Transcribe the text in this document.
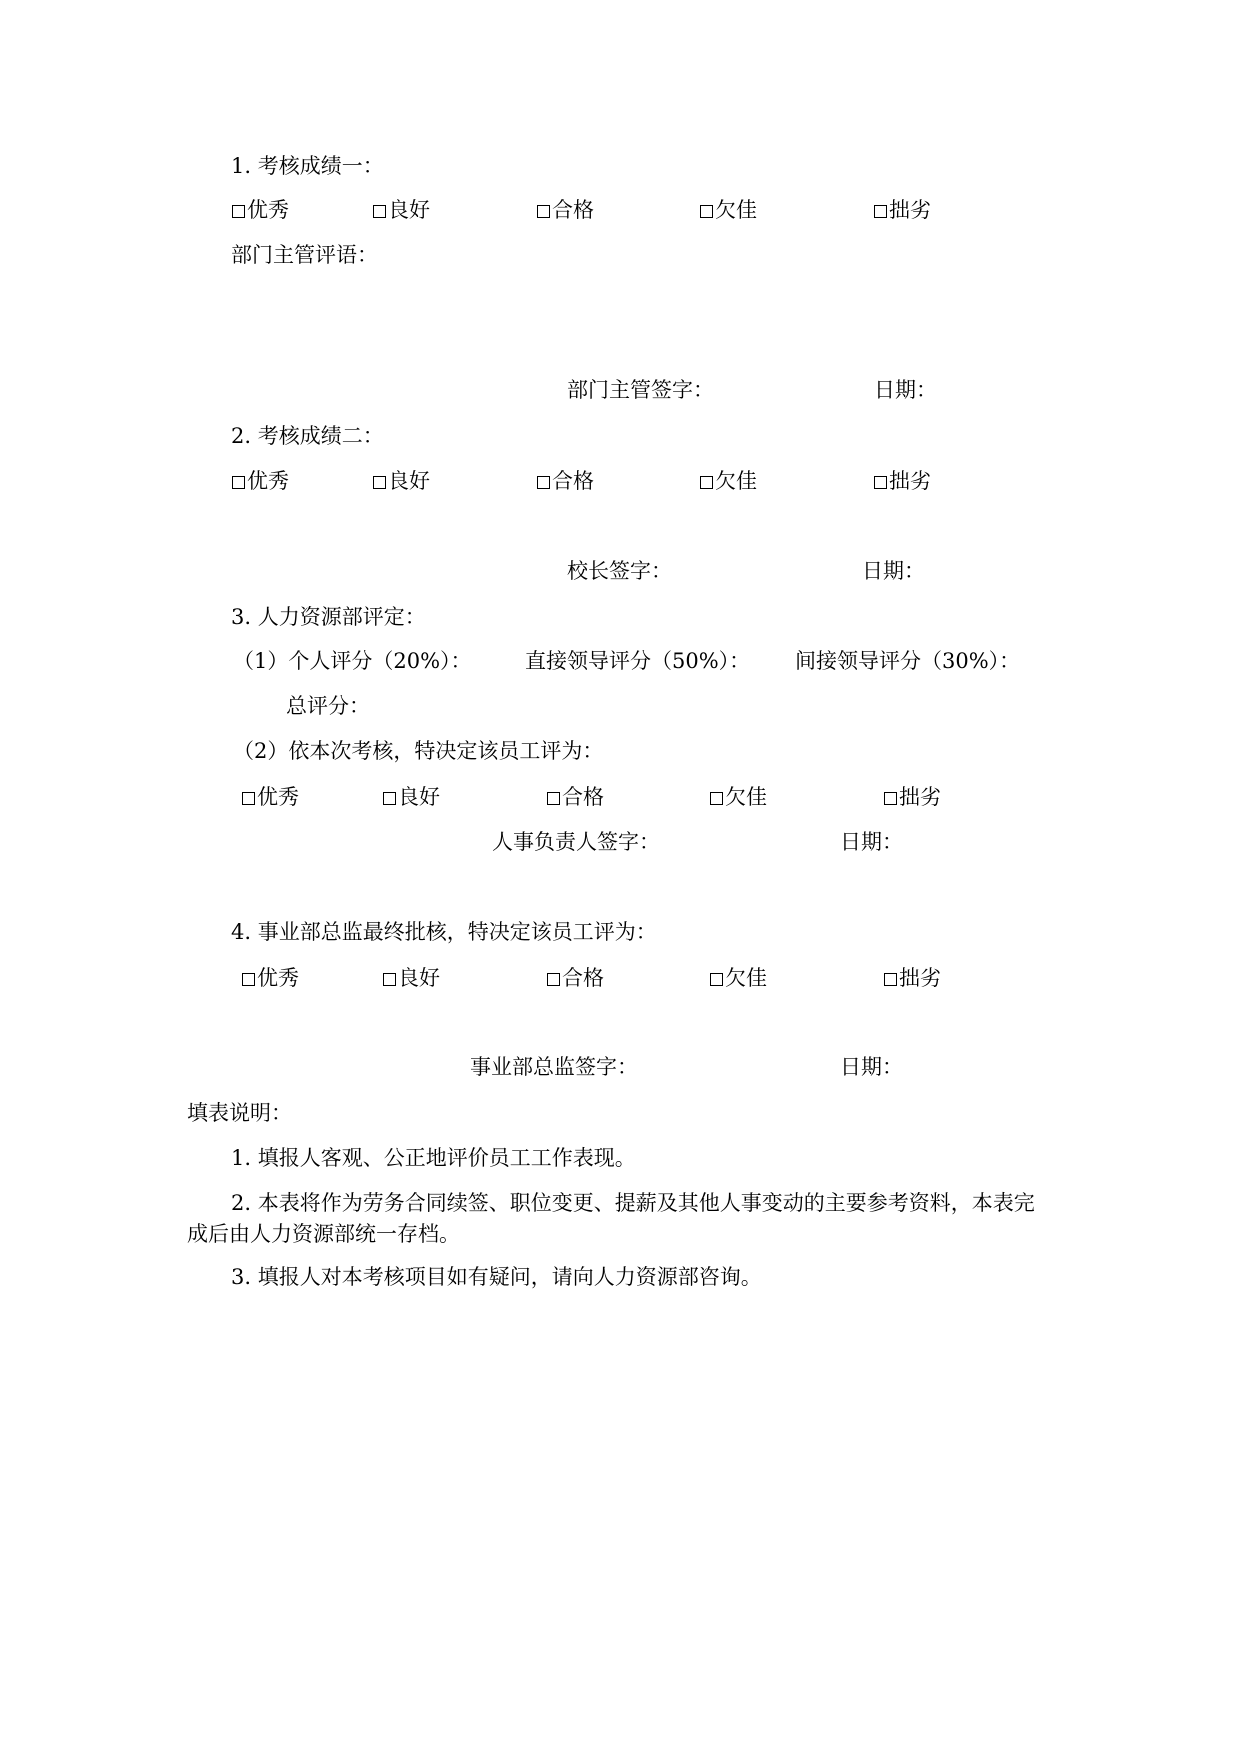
1. 考核成绩一：
优秀	良好	合格	欠佳	拙劣
部门主管评语：
部门主管签字：	日期：
2. 考核成绩二：
优秀	良好	合格	欠佳	拙劣
校长签字：	日期：
3. 人力资源部评定：
（1）个人评分（20%）：	直接领导评分（50%）： 间接领导评分（30%）：
总评分：
（2）依本次考核，特决定该员工评为：
优秀	良好	合格	欠佳	拙劣
人事负责人签字：	日期：
4. 事业部总监最终批核，特决定该员工评为：
优秀	良好	合格	欠佳	拙劣
事业部总监签字：	日期：
填表说明：
1. 填报人客观、公正地评价员工工作表现。
2. 本表将作为劳务合同续签、职位变更、提薪及其他人事变动的主要参考资料，本表完
成后由人力资源部统一存档。
3. 填报人对本考核项目如有疑问，请向人力资源部咨询。
